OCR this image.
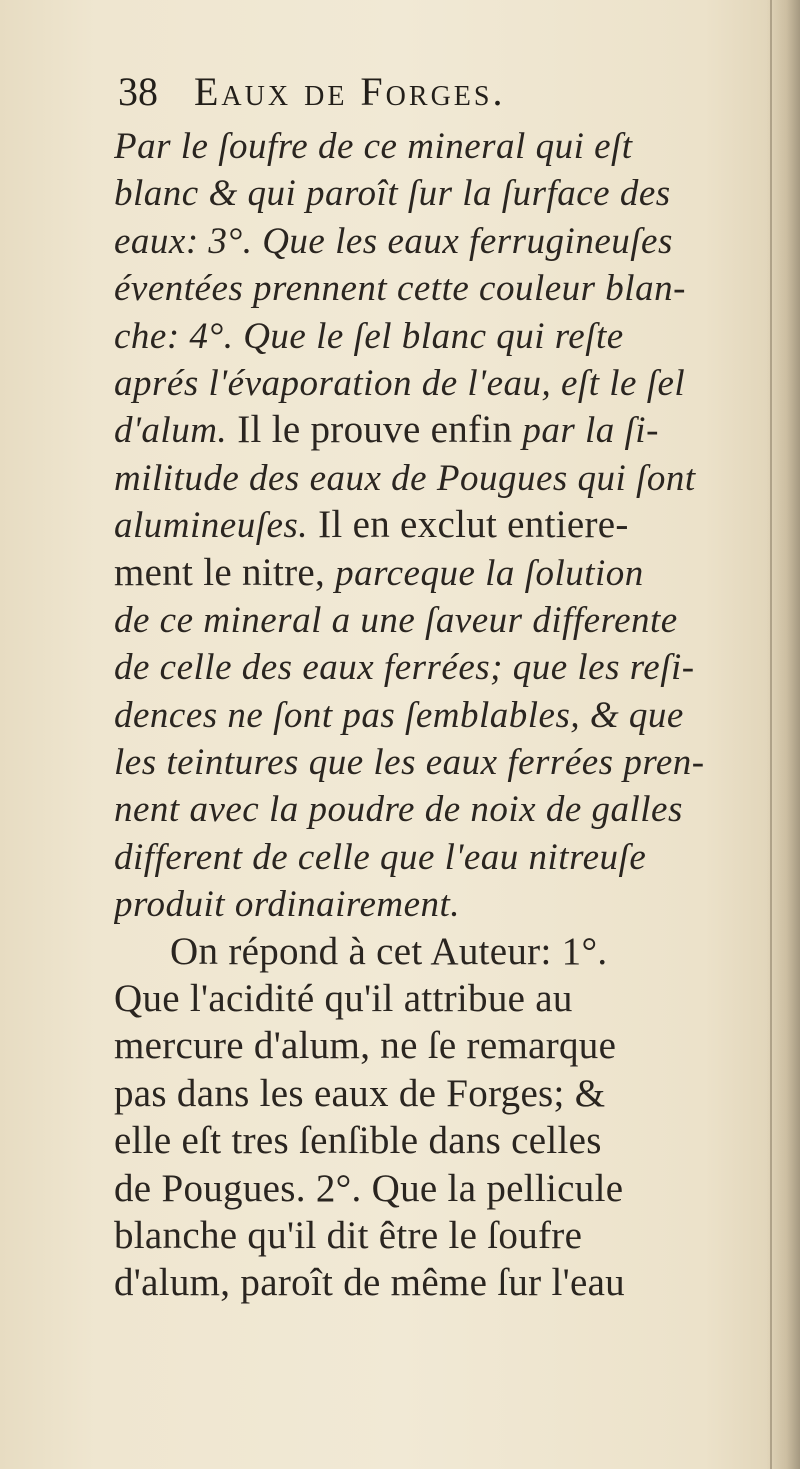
38 Eaux de Forges.
Par le ſoufre de ce mineral qui eſt
blanc & qui paroît ſur la ſurface des
eaux: 3°. Que les eaux ferrugineuſes
éventées prennent cette couleur blan-
che: 4°. Que le ſel blanc qui reſte
aprés l'évaporation de l'eau, eſt le ſel
d'alum. Il le prouve enfin par la ſi-
militude des eaux de Pougues qui ſont
alumineuſes. Il en exclut entiere-
ment le nitre, parceque la ſolution
de ce mineral a une ſaveur differente
de celle des eaux ferrées; que les reſi-
dences ne ſont pas ſemblables, & que
les teintures que les eaux ferrées pren-
nent avec la poudre de noix de galles
different de celle que l'eau nitreuſe
produit ordinairement.
On répond à cet Auteur: 1°.
Que l'acidité qu'il attribue au
mercure d'alum, ne ſe remarque
pas dans les eaux de Forges; &
elle eſt tres ſenſible dans celles
de Pougues. 2°. Que la pellicule
blanche qu'il dit être le ſoufre
d'alum, paroît de même ſur l'eau
